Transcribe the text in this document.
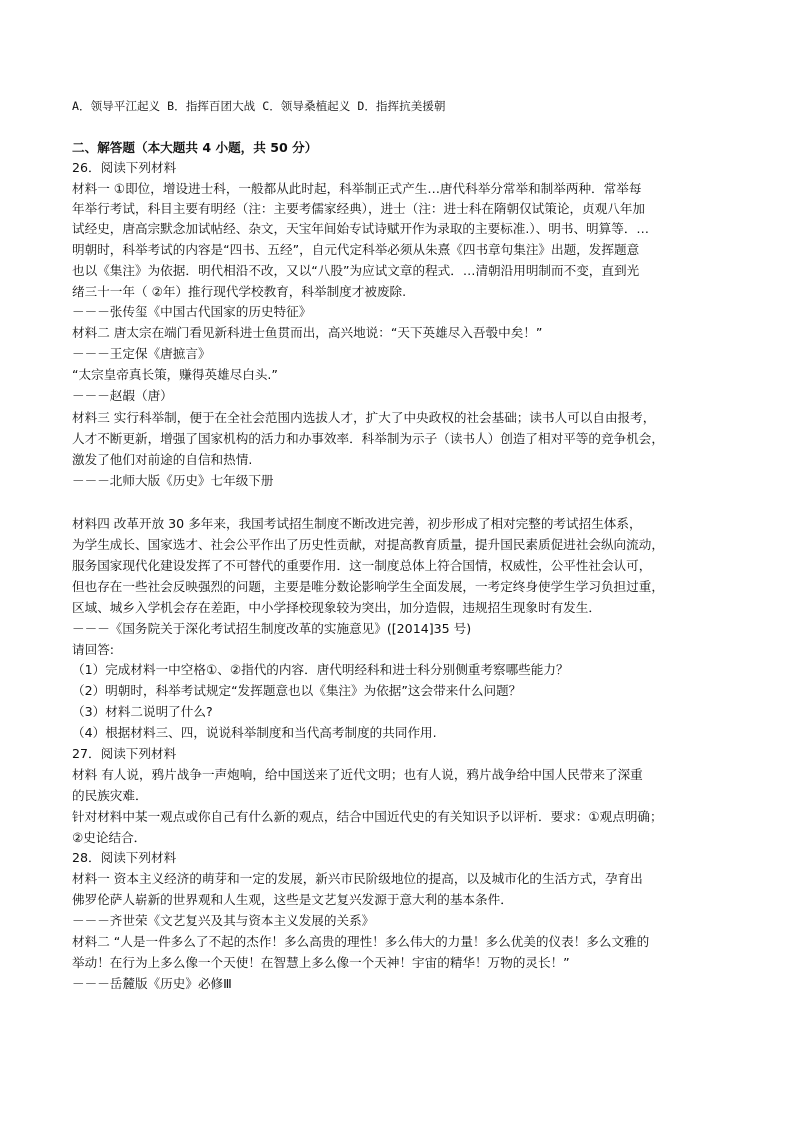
A．领导平江起义 B．指挥百团大战 C．领导桑植起义 D．指挥抗美援朝
二、解答题（本大题共 4 小题，共 50 分）
26．阅读下列材料
材料一 ①即位，增设进士科，一般都从此时起，科举制正式产生…唐代科举分常举和制举两种．常举每
年举行考试，科目主要有明经（注：主要考儒家经典），进士（注：进士科在隋朝仅试策论，贞观八年加
试经史，唐高宗默念加试帖经、杂文，天宝年间始专试诗赋开作为录取的主要标准.）、明书、明算等．…
明朝时，科举考试的内容是“四书、五经”，自元代定科举必须从朱熹《四书章句集注》出题，发挥题意
也以《集注》为依据．明代相沿不改，又以“八股”为应试文章的程式．…清朝沿用明制而不变，直到光
绪三十一年（ ②年）推行现代学校教育，科举制度才被废除.
－－－张传玺《中国古代国家的历史特征》
材料二 唐太宗在端门看见新科进士鱼贯而出，高兴地说：“天下英雄尽入吾彀中矣！”
－－－王定保《唐摭言》
“太宗皇帝真长策，赚得英雄尽白头.”
－－－赵嘏（唐）
材料三 实行科举制，便于在全社会范围内选拔人才，扩大了中央政权的社会基础；读书人可以自由报考，
人才不断更新，增强了国家机构的活力和办事效率．科举制为示子（读书人）创造了相对平等的竞争机会，
激发了他们对前途的自信和热情.
－－－北师大版《历史》七年级下册
材料四 改革开放 30 多年来，我国考试招生制度不断改进完善，初步形成了相对完整的考试招生体系，
为学生成长、国家选才、社会公平作出了历史性贡献，对提高教育质量，提升国民素质促进社会纵向流动，
服务国家现代化建设发挥了不可替代的重要作用．这一制度总体上符合国情，权威性，公平性社会认可，
但也存在一些社会反映强烈的问题，主要是唯分数论影响学生全面发展，一考定终身使学生学习负担过重，
区域、城乡入学机会存在差距，中小学择校现象较为突出，加分造假，违规招生现象时有发生．
－－－《国务院关于深化考试招生制度改革的实施意见》([2014]35 号)
请回答:
（1）完成材料一中空格①、②指代的内容．唐代明经科和进士科分别侧重考察哪些能力？
（2）明朝时，科举考试规定“发挥题意也以《集注》为依据”这会带来什么问题？
（3）材料二说明了什么?
（4）根据材料三、四，说说科举制度和当代高考制度的共同作用.
27．阅读下列材料
材料 有人说，鸦片战争一声炮响，给中国送来了近代文明；也有人说，鸦片战争给中国人民带来了深重
的民族灾难．
针对材料中某一观点或你自己有什么新的观点，结合中国近代史的有关知识予以评析．要求：①观点明确；
②史论结合．
28．阅读下列材料
材料一 资本主义经济的萌芽和一定的发展，新兴市民阶级地位的提高，以及城市化的生活方式，孕育出
佛罗伦萨人崭新的世界观和人生观，这些是文艺复兴发源于意大利的基本条件．
－－－齐世荣《文艺复兴及其与资本主义发展的关系》
材料二 “人是一件多么了不起的杰作！多么高贵的理性！多么伟大的力量！多么优美的仪表！多么文雅的
举动！在行为上多么像一个天使！在智慧上多么像一个天神！宇宙的精华！万物的灵长！”
－－－岳麓版《历史》必修Ⅲ
